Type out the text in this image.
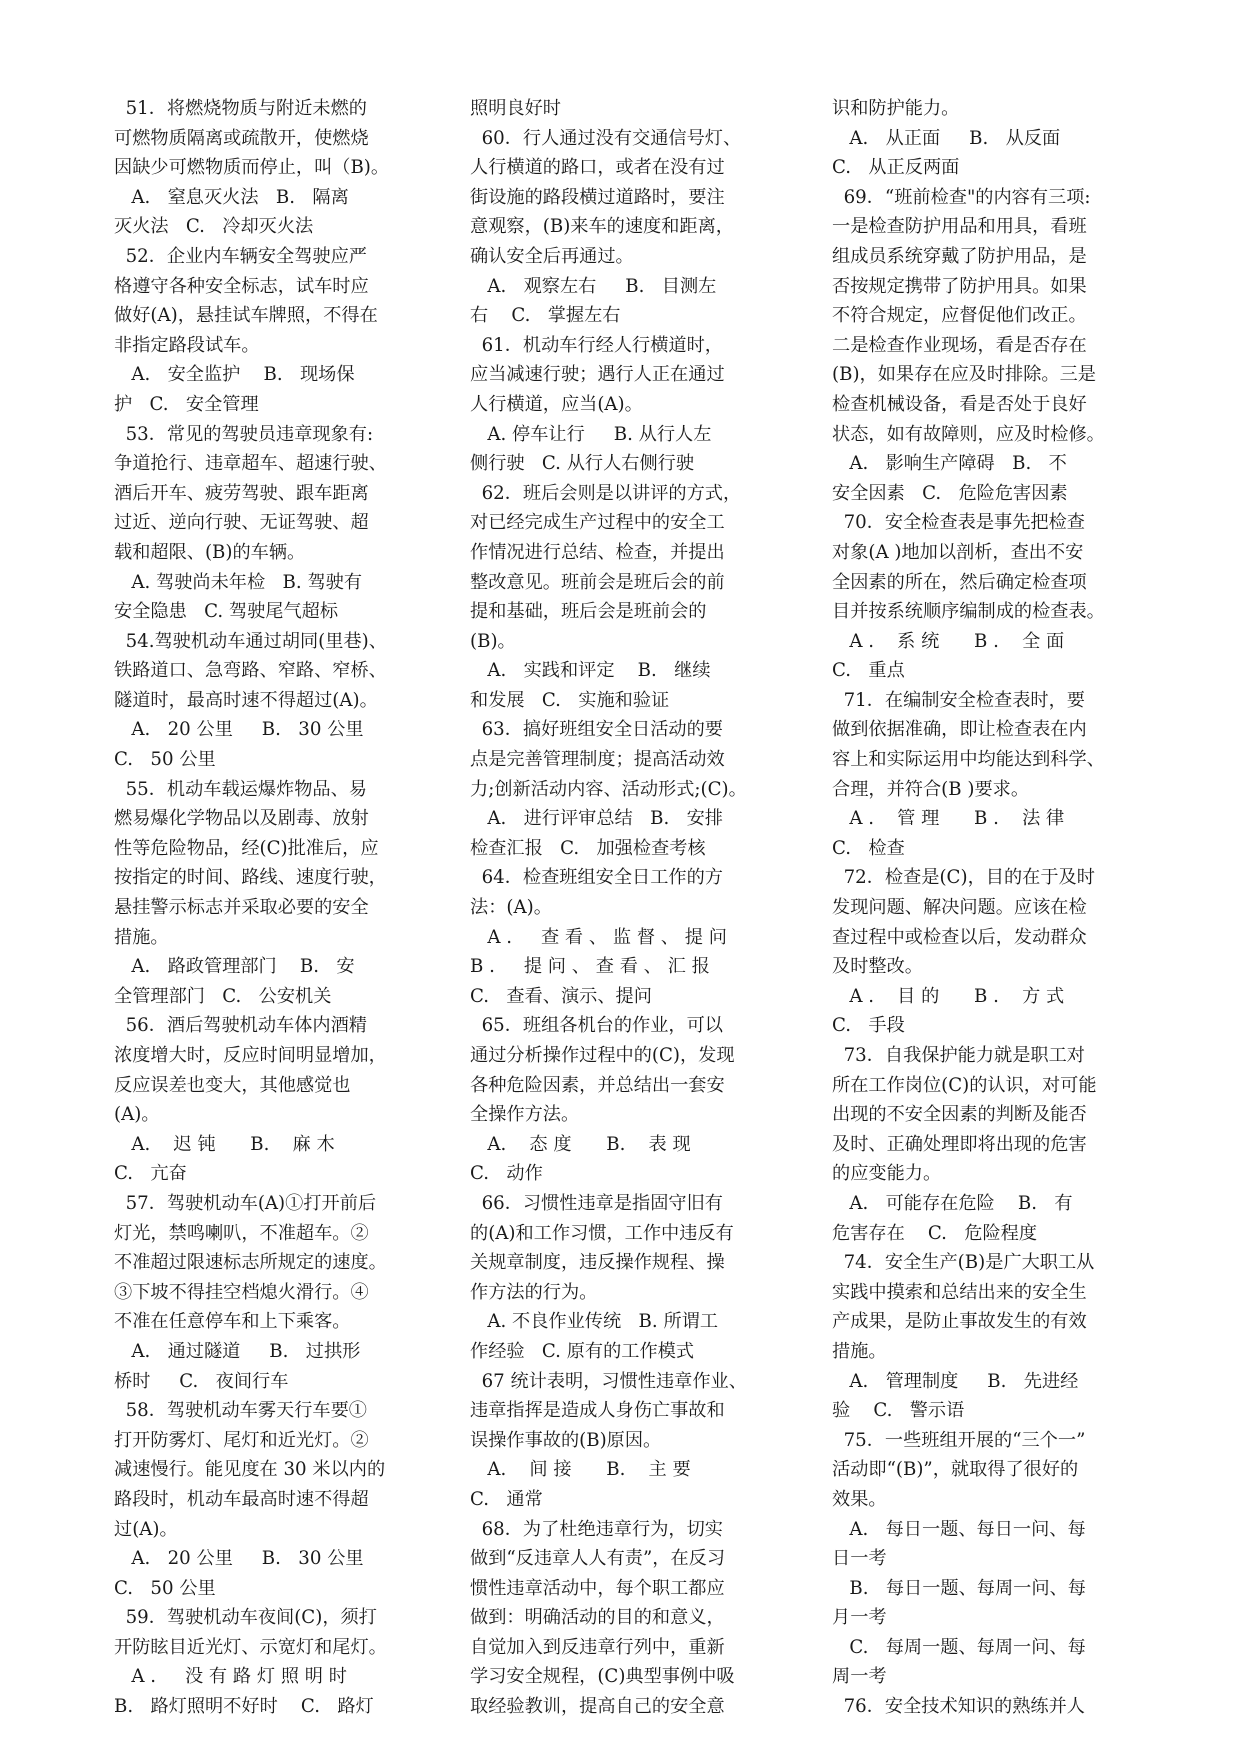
51．将燃烧物质与附近未燃的
可燃物质隔离或疏散开，使燃烧
因缺少可燃物质而停止，叫（B)。
A.   窒息灭火法   B.   隔离
灭火法   C.   冷却灭火法
52．企业内车辆安全驾驶应严
格遵守各种安全标志，试车时应
做好(A)，悬挂试车牌照，不得在
非指定路段试车。
A.   安全监护    B.   现场保
护   C.   安全管理
53．常见的驾驶员违章现象有:
争道抢行、违章超车、超速行驶、
酒后开车、疲劳驾驶、跟车距离
过近、逆向行驶、无证驾驶、超
载和超限、(B)的车辆。
A. 驾驶尚未年检   B. 驾驶有
安全隐患   C. 驾驶尾气超标
54.驾驶机动车通过胡同(里巷)、
铁路道口、急弯路、窄路、窄桥、
隧道时，最高时速不得超过(A)。
A.   20 公里     B.   30 公里
C.   50 公里
55．机动车载运爆炸物品、易
燃易爆化学物品以及剧毒、放射
性等危险物品，经(C)批准后，应
按指定的时间、路线、速度行驶，
悬挂警示标志并采取必要的安全
措施。
A.   路政管理部门    B.   安
全管理部门   C.   公安机关
56．酒后驾驶机动车体内酒精
浓度增大时，反应时间明显增加，
反应误差也变大，其他感觉也
(A)。
A.    迟 钝      B.    麻 木
C.   亢奋
57．驾驶机动车(A)①打开前后
灯光，禁鸣喇叭，不准超车。②
不准超过限速标志所规定的速度。
③下坡不得挂空档熄火滑行。④
不准在任意停车和上下乘客。
A.   通过隧道     B.   过拱形
桥时     C.   夜间行车
58．驾驶机动车雾天行车要①
打开防雾灯、尾灯和近光灯。②
减速慢行。能见度在 30 米以内的
路段时，机动车最高时速不得超
过(A)。
A.   20 公里     B.   30 公里
C.   50 公里
59．驾驶机动车夜间(C)，须打
开防眩目近光灯、示宽灯和尾灯。
A .     没 有 路 灯 照 明 时
B.   路灯照明不好时    C.   路灯
照明良好时
60．行人通过没有交通信号灯、
人行横道的路口，或者在没有过
街设施的路段横过道路时，要注
意观察，(B)来车的速度和距离，
确认安全后再通过。
A.   观察左右     B.   目测左
右    C.   掌握左右
61．机动车行经人行横道时，
应当减速行驶；遇行人正在通过
人行横道，应当(A)。
A. 停车让行     B. 从行人左
侧行驶   C. 从行人右侧行驶
62．班后会则是以讲评的方式，
对已经完成生产过程中的安全工
作情况进行总结、检查，并提出
整改意见。班前会是班后会的前
提和基础，班后会是班前会的
(B)。
A.   实践和评定    B.   继续
和发展   C.   实施和验证
63．搞好班组安全日活动的要
点是完善管理制度；提高活动效
力;创新活动内容、活动形式;(C)。
A.   进行评审总结   B.   安排
检查汇报   C.   加强检查考核
64．检查班组安全日工作的方
法：(A)。
A .     查 看 、 监 督 、 提 问
B .     提 问 、 查 看 、 汇 报
C.   查看、演示、提问
65．班组各机台的作业，可以
通过分析操作过程中的(C)，发现
各种危险因素，并总结出一套安
全操作方法。
A.    态 度      B.    表 现
C.   动作
66．习惯性违章是指固守旧有
的(A)和工作习惯，工作中违反有
关规章制度，违反操作规程、操
作方法的行为。
A. 不良作业传统   B. 所谓工
作经验   C. 原有的工作模式
67 统计表明，习惯性违章作业、
违章指挥是造成人身伤亡事故和
误操作事故的(B)原因。
A.    间 接      B.    主 要
C.   通常
68．为了杜绝违章行为，切实
做到“反违章人人有责”，在反习
惯性违章活动中，每个职工都应
做到：明确活动的目的和意义，
自觉加入到反违章行列中，重新
学习安全规程，(C)典型事例中吸
取经验教训，提高自己的安全意
识和防护能力。
A.   从正面     B.   从反面
C.   从正反两面
69．“班前检查"的内容有三项:
一是检查防护用品和用具，看班
组成员系统穿戴了防护用品，是
否按规定携带了防护用具。如果
不符合规定，应督促他们改正。
二是检查作业现场，看是否存在
(B)，如果存在应及时排除。三是
检查机械设备，看是否处于良好
状态，如有故障则，应及时检修。
A.   影响生产障碍   B.   不
安全因素   C.   危险危害因素
70．安全检查表是事先把检查
对象(A )地加以剖析，查出不安
全因素的所在，然后确定检查项
目并按系统顺序编制成的检查表。
A .    系 统      B .    全 面
C.   重点
71．在编制安全检查表时，要
做到依据准确，即让检查表在内
容上和实际运用中均能达到科学、
合理，并符合(B )要求。
A .    管 理      B .    法 律
C.   检查
72．检查是(C)，目的在于及时
发现问题、解决问题。应该在检
查过程中或检查以后，发动群众
及时整改。
A .    目 的      B .    方 式
C.   手段
73．自我保护能力就是职工对
所在工作岗位(C)的认识，对可能
出现的不安全因素的判断及能否
及时、正确处理即将出现的危害
的应变能力。
A.   可能存在危险    B.   有
危害存在    C.   危险程度
74．安全生产(B)是广大职工从
实践中摸索和总结出来的安全生
产成果，是防止事故发生的有效
措施。
A.   管理制度     B.   先进经
验    C.   警示语
75．一些班组开展的“三个一”
活动即“(B)”，就取得了很好的
效果。
A.   每日一题、每日一问、每
日一考
B.   每日一题、每周一问、每
月一考
C.   每周一题、每周一问、每
周一考
76．安全技术知识的熟练并人
